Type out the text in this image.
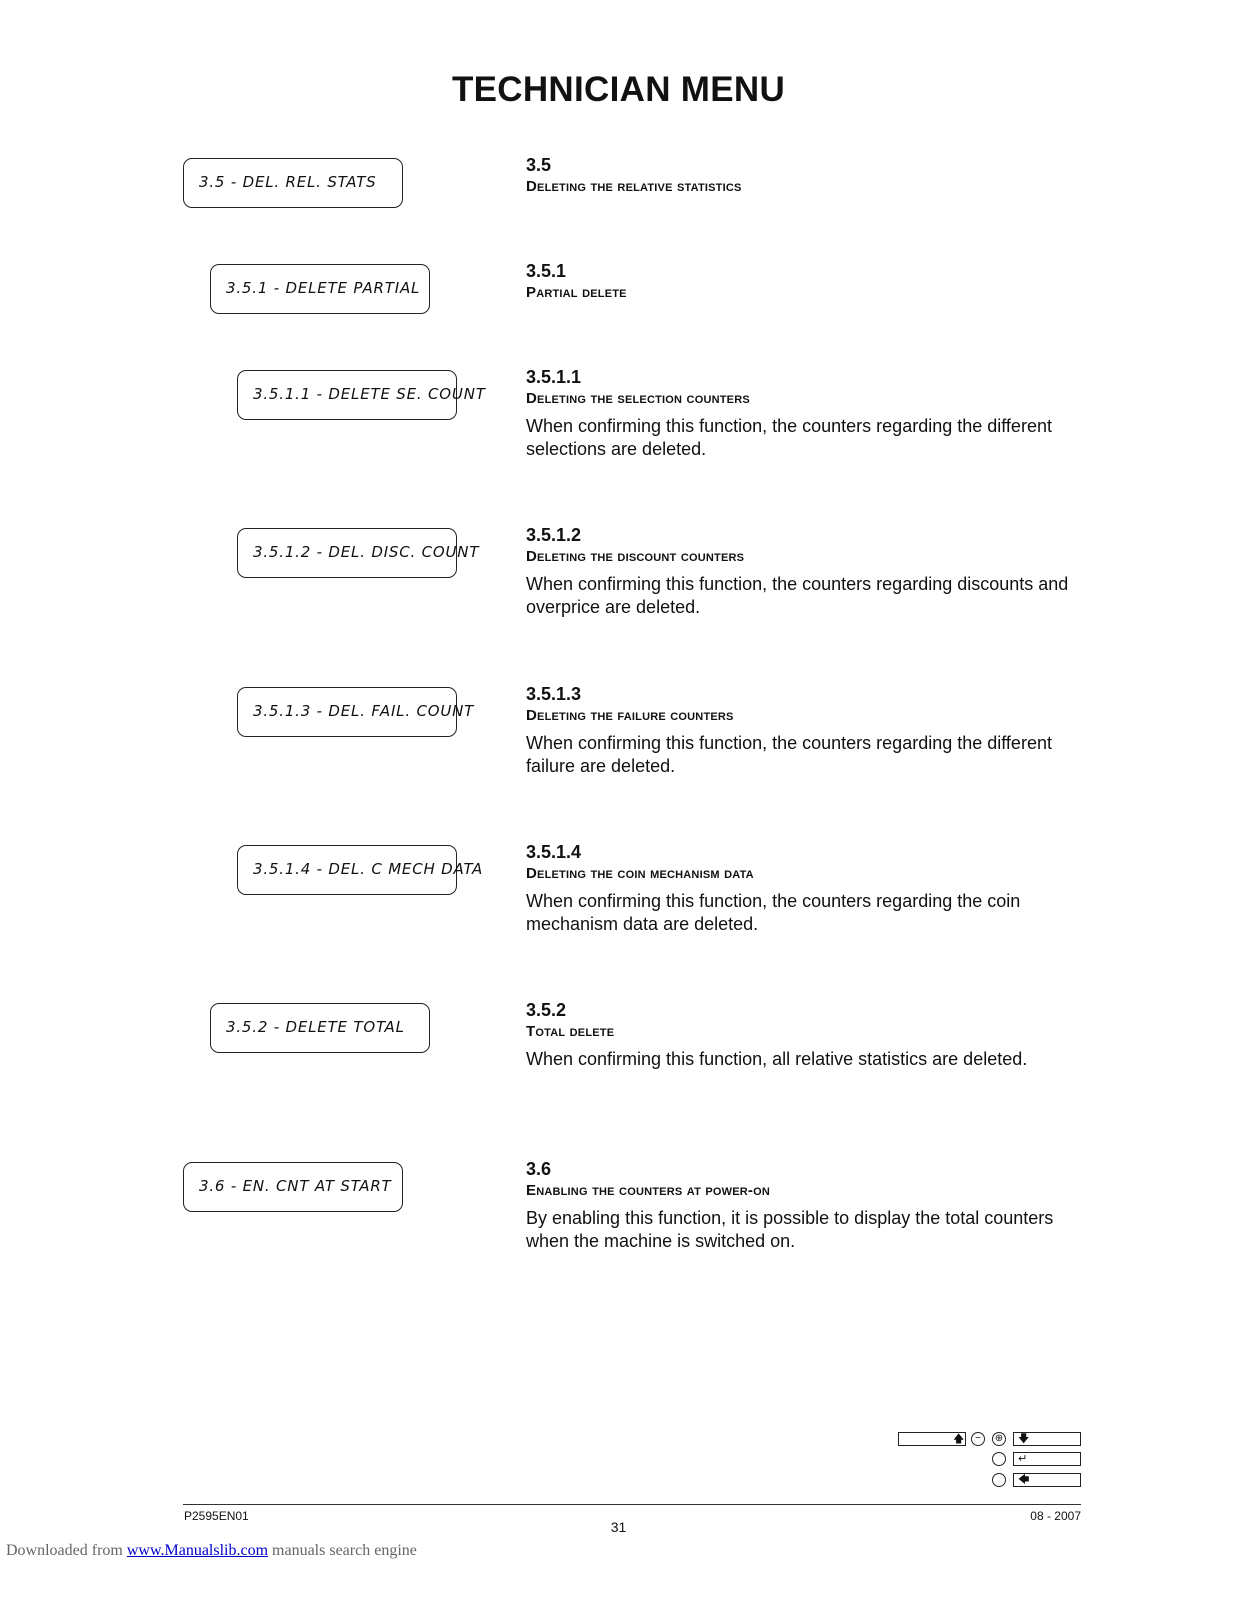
TECHNICIAN MENU
3.5 - DEL. REL. STATS
3.5.1 - DELETE PARTIAL
3.5.1.1 - DELETE SE. COUNT
3.5.1.2 - DEL. DISC. COUNT
3.5.1.3 - DEL. FAIL. COUNT
3.5.1.4 - DEL. C MECH DATA
3.5.2 - DELETE TOTAL
3.6 - EN. CNT AT START
3.5
Deleting the relative statistics
3.5.1
Partial delete
3.5.1.1
Deleting the selection counters
When confirming this function, the counters regarding the different selections are deleted.
3.5.1.2
Deleting the discount counters
When confirming this function, the counters regarding discounts and overprice are deleted.
3.5.1.3
Deleting the failure counters
When confirming this function, the counters regarding the different failure are deleted.
3.5.1.4
Deleting the coin mechanism data
When confirming this function, the counters regarding the coin mechanism data are deleted.
3.5.2
Total delete
When confirming this function, all relative statistics are deleted.
3.6
Enabling the counters at power-on
By enabling this function, it is possible to display the total counters when the machine is switched on.
🡅	−	⊕ 🡇
↵
🡄
P2595EN01	08 - 2007
31
Downloaded from www.Manualslib.com manuals search engine
